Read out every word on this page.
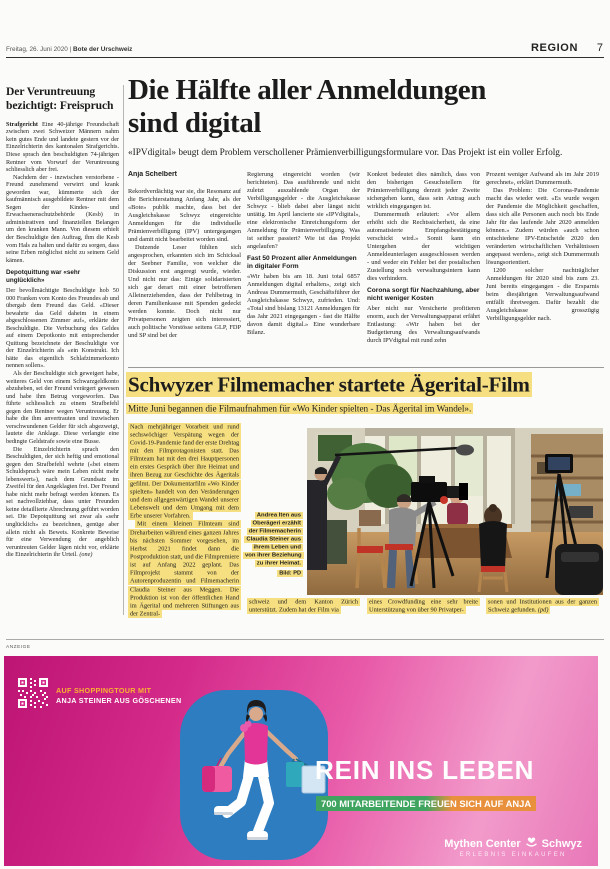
Freitag, 26. Juni 2020 | Bote der Urschweiz	REGION 7
Der Veruntreuung bezichtigt: Freispruch

Strafgericht Eine 40-jährige Freundschaft zwischen zwei Schweizer Männern nahm kein gutes Ende und landete gestern vor der Einzelrichterin des kantonalen Strafgerichts. Diese sprach den beschuldigten 74-jährigen Rentner vom Vorwurf der Veruntreuung schliesslich aber frei.

Nachdem der - inzwischen verstorbene - Freund zunehmend verwirrt und krank geworden war, kümmerte sich der kaufmännisch ausgebildete Rentner mit dem Segen der Kindes- und Erwachsenenschutzbehörde (Kesb) in administrativen und finanziellen Belangen um den kranken Mann. Von diesem erhielt der Beschuldigte den Auftrag, ihm die Kesb vom Hals zu halten und dafür zu sorgen, dass seine Erben möglichst nicht zu seinem Geld kämen.

Depotquittung war «sehr unglücklich»

Der bevollmächtigte Beschuldigte hob 50 000 Franken vom Konto des Freundes ab und übergab dem Freund das Geld. «Dieser bewahrte das Geld daheim in einem abgeschlossenen Zimmer auf», erklärte der Beschuldigte. Die Verbuchung des Geldes auf einem Depotkonto mit entsprechender Quittung bezeichnete der Beschuldigte vor der Einzelrichterin als «ein Konstrukt. Ich hätte das eigentlich Schlafzimmerkonto nennen sollen».

Als der Beschuldigte sich geweigert habe, weiteres Geld von einem Schwarzgeldkonto abzuheben, sei der Freund verärgert gewesen und habe ihm Betrug vorgeworfen. Das führte schliesslich zu einem Strafbefehl gegen den Rentner wegen Veruntreuung. Er habe die ihm anvertrauten und inzwischen verschwundenen Gelder für sich abgezweigt, lautete die Anklage. Diese verlangte eine bedingte Geldstrafe sowie eine Busse.

Die Einzelrichterin sprach den Beschuldigten, der sich heftig und emotional gegen den Strafbefehl wehrte («bei einem Schuldspruch wäre mein Leben nicht mehr lebenswert»), nach dem Grundsatz im Zweifel für den Angeklagten frei. Der Freund habe nicht mehr befragt werden können. Es sei nachvollziehbar, dass unter Freunden keine detaillierte Abrechnung geführt worden sei. Die Depotquittung sei zwar als «sehr unglücklich» zu bezeichnen, genüge aber allein nicht als Beweis. Konkrete Beweise für eine Verwendung der angeblich veruntreuten Gelder lägen nicht vor, erklärte die Einzelrichterin ihr Urteil. (one)

Die Hälfte aller Anmeldungen
sind digital
«IPVdigital» beugt dem Problem verschollener Prämienverbilligungsformulare vor. Das Projekt ist ein voller Erfolg.
Anja Schelbert

Rekordverdächtig war sie, die Resonanz auf die Berichterstattung Anfang Jahr, als der «Bote» publik machte, dass bei der Ausgleichskasse Schwyz eingereichte Anmeldungen für die individuelle Prämienverbilligung (IPV) untergegangen und damit nicht bearbeitet worden sind.

Dutzende Leser fühlten sich angesprochen, erkannten sich im Schicksal der Seebner Familie, von welcher die Diskussion erst angeregt wurde, wieder. Und nicht nur das: Einige solidarisierten sich gar derart mit einer betroffenen Alleinerziehenden, dass der Fehlbetrag in deren Familienkasse mit Spenden gedeckt werden konnte. Doch nicht nur Privatpersonen zeigten sich interessiert, auch politische Vorstösse seitens GLP, FDP und SP sind bei der

Regierung eingereicht worden (wir berichteten). Das ausführende und nicht zuletzt auszahlende Organ der Verbilligungsgelder - die Ausgleichskasse Schwyz - blieb dabei aber längst nicht untätig. Im April lancierte sie «IPVdigital», eine elektronische Einreichungsform der Anmeldung für Prämienverbilligung. Was ist seither passiert? Wie ist das Projekt angelaufen?

Fast 50 Prozent aller Anmeldungen in digitaler Form

«Wir haben bis am 18. Juni total 6857 Anmeldungen digital erhalten», zeigt sich Andreas Dummermuth, Geschäftsführer der Ausgleichskasse Schwyz, zufrieden. Und: «Total sind bislang 13121 Anmeldungen für das Jahr 2021 eingegangen - fast die Hälfte davon damit digital.» Eine wunderbare Bilanz.

Konkret bedeutet dies nämlich, dass von den bisherigen Gesuchstellern für Prämienverbilligung derzeit jeder Zweite sichergehen kann, dass sein Antrag auch wirklich eingegangen ist.

Dummermuth erläutert: «Vor allem erhöht sich die Rechtssicherheit, da eine automatisierte Empfangsbestätigung verschickt wird.» Somit kann ein Untergehen der wichtigen Anmeldeunterlagen ausgeschlossen werden - und weder ein Fehler bei der postalischen Zustellung noch verwaltungsintern kann dies verhindern.

Corona sorgt für Nachzahlung, aber nicht weniger Kosten

Aber nicht nur Versicherte profitieren enorm, auch der Verwaltungsapparat erfährt Entlastung: «Wir haben bei der Budgetierung des Verwaltungsaufwands durch IPVdigital mit rund zehn

Prozent weniger Aufwand als im Jahr 2019 gerechnet», erklärt Dummermuth.

Das Problem: Die Corona-Pandemie macht das wieder wett. «Es wurde wegen der Pandemie die Möglichkeit geschaffen, dass sich alle Personen auch noch bis Ende Jahr für das laufende Jahr 2020 anmelden können.» Zudem würden «auch schon entschiedene IPV-Entscheide 2020 den veränderten wirtschaftlichen Verhältnissen angepasst werden», zeigt sich Dummermuth lösungsorientiert.

1200 solcher nachträglicher Anmeldungen für 2020 sind bis zum 23. Juni bereits eingegangen - die Ersparnis beim diesjährigen Verwaltungsaufwand entfällt ihretwegen. Dafür bezahlt die Ausgleichskasse grosszügig Verbilligungsgelder nach.

Schwyzer Filmemacher startete Ägerital-Film
Mitte Juni begannen die Filmaufnahmen für «Wo Kinder spielten - Das Ägerital im Wandel».

Nach mehrjähriger Vorarbeit und rund sechswöchiger Verspätung wegen der Covid-19-Pandemie fand der erste Drehtag mit den Filmprotagonisten statt. Das Filmteam hat mit den drei Hauptpersonen ein erstes Gespräch über ihre Heimat und ihren Bezug zur Geschichte des Ägeritals gefilmt. Der Dokumentarfilm «Wo Kinder spielten» handelt von den Veränderungen und dem allgegenwärtigen Wandel unserer Lebenswelt und dem Umgang mit dem Erbe unserer Vorfahren.

Mit einem kleinen Filmteam sind Dreharbeiten während eines ganzen Jahres bis nächsten Sommer vorgesehen, im Herbst 2021 findet dann die Postproduktion statt, und die Filmpremiere ist auf Anfang 2022 geplant. Das Filmprojekt stammt von der Autorenproduzentin und Filmemacherin Claudia Steiner aus Meggen. Die Produktion ist von der öffentlichen Hand im Ägerital und mehreren Stiftungen aus der Zentral-

Andrea Iten aus Oberägeri erzählt der Filmemacherin Claudia Steiner aus ihrem Leben und von ihrer Beziehung zu ihrer Heimat.
Bild: PD
schweiz und dem Kanton Zürich unterstützt. Zudem hat der Film via
eines Crowdfunding eine sehr breite Unterstützung von über 90 Privatper-
sonen und Institutionen aus der ganzen Schweiz gefunden. (pd)
ANZEIGE
AUF SHOPPINGTOUR MIT
ANJA STEINER AUS GÖSCHENEN
REIN INS LEBEN
700 MITARBEITENDE FREUEN SICH AUF ANJA
Mythen Center Schwyz
ERLEBNIS EINKAUFEN
